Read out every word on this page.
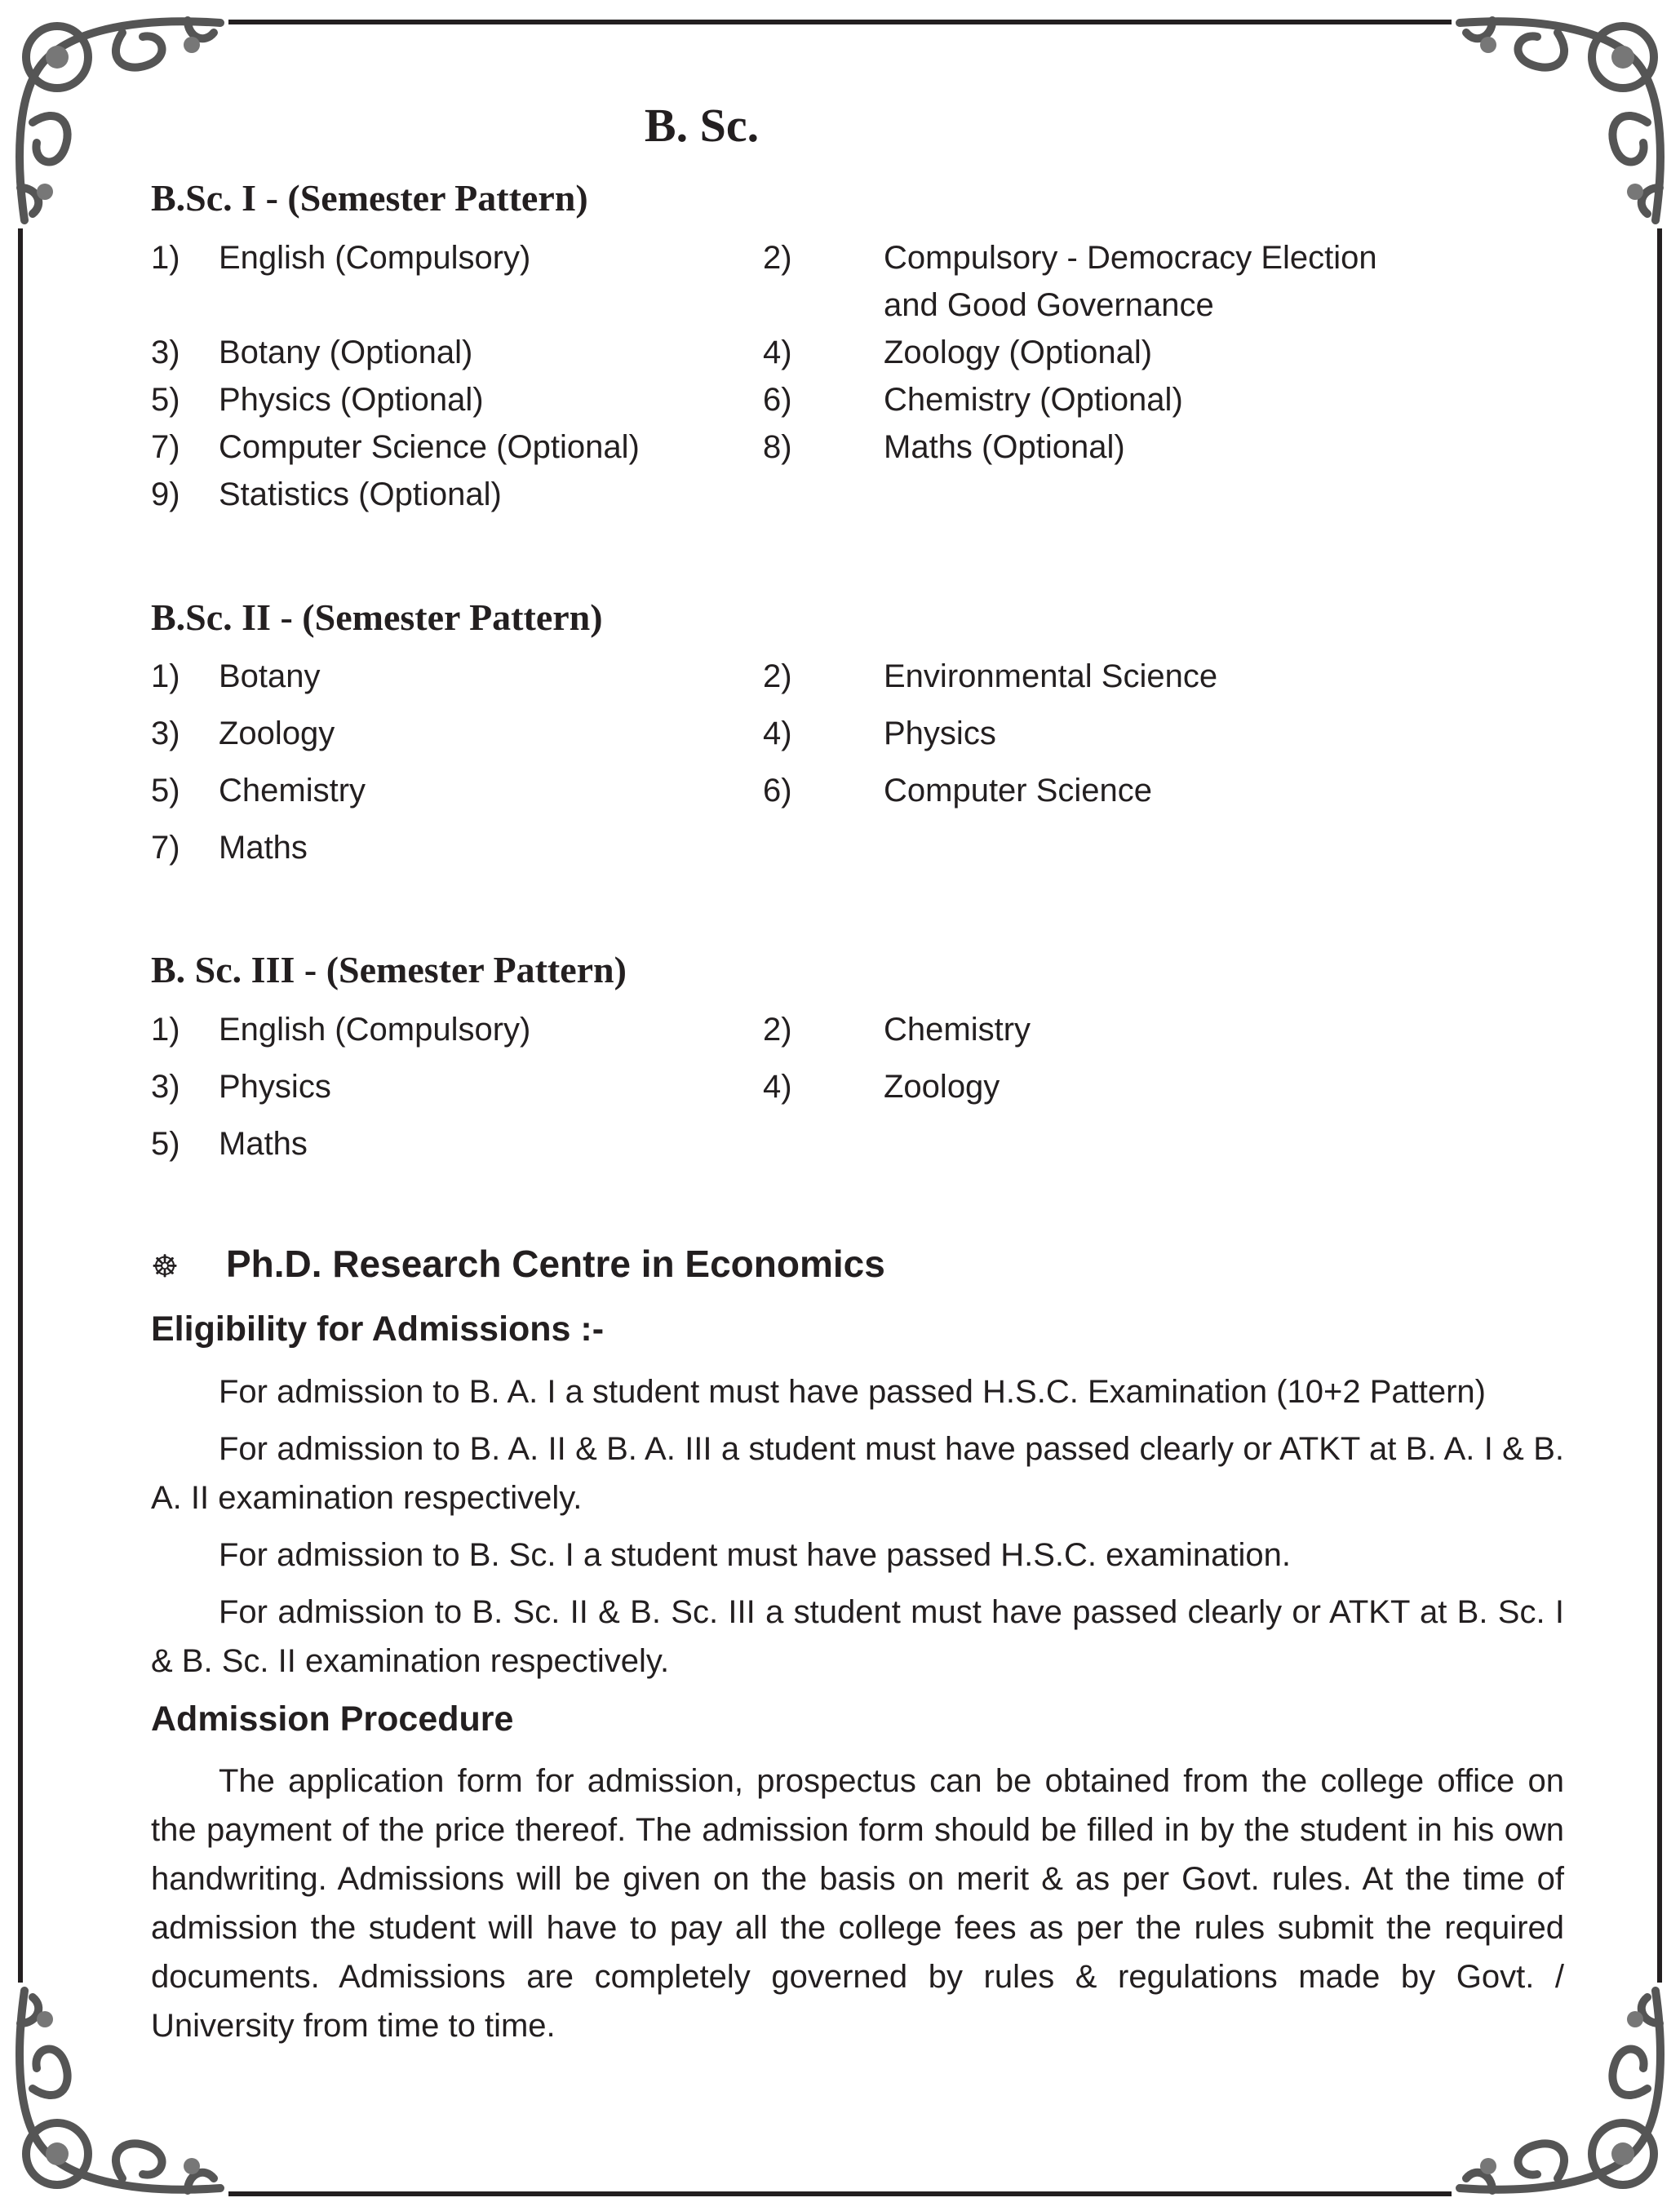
B. Sc.
B.Sc. I - (Semester Pattern)
1) English (Compulsory)	2)	Compulsory - Democracy Election
and Good Governance
3) Botany (Optional)	4)	Zoology (Optional)
5) Physics (Optional)	6)	Chemistry (Optional)
7) Computer Science (Optional)	8)	Maths (Optional)
9) Statistics (Optional)
B.Sc. II - (Semester Pattern)
1) Botany	2)	Environmental Science
3) Zoology	4)	Physics
5) Chemistry	6)	Computer Science
7) Maths
B. Sc. III - (Semester Pattern)
1) English (Compulsory)	2)	Chemistry
3) Physics	4)	Zoology
5) Maths
☸ Ph.D. Research Centre in Economics
Eligibility for Admissions :-

For admission to B. A. I a student must have passed H.S.C. Examination (10+2 Pattern)

For admission to B. A. II & B. A. III a student must have passed clearly or ATKT at B. A. I & B. A. II examination respectively.

For admission to B. Sc. I a student must have passed H.S.C. examination.

For admission to B. Sc. II & B. Sc. III a student must have passed clearly or ATKT at B. Sc. I & B. Sc. II examination respectively.

Admission Procedure

The application form for admission, prospectus can be obtained from the college office on the payment of the price thereof. The admission form should be filled in by the student in his own handwriting. Admissions will be given on the basis on merit & as per Govt. rules. At the time of admission the student will have to pay all the college fees as per the rules submit the required documents. Admissions are completely governed by rules & regulations made by Govt. / University from time to time.
